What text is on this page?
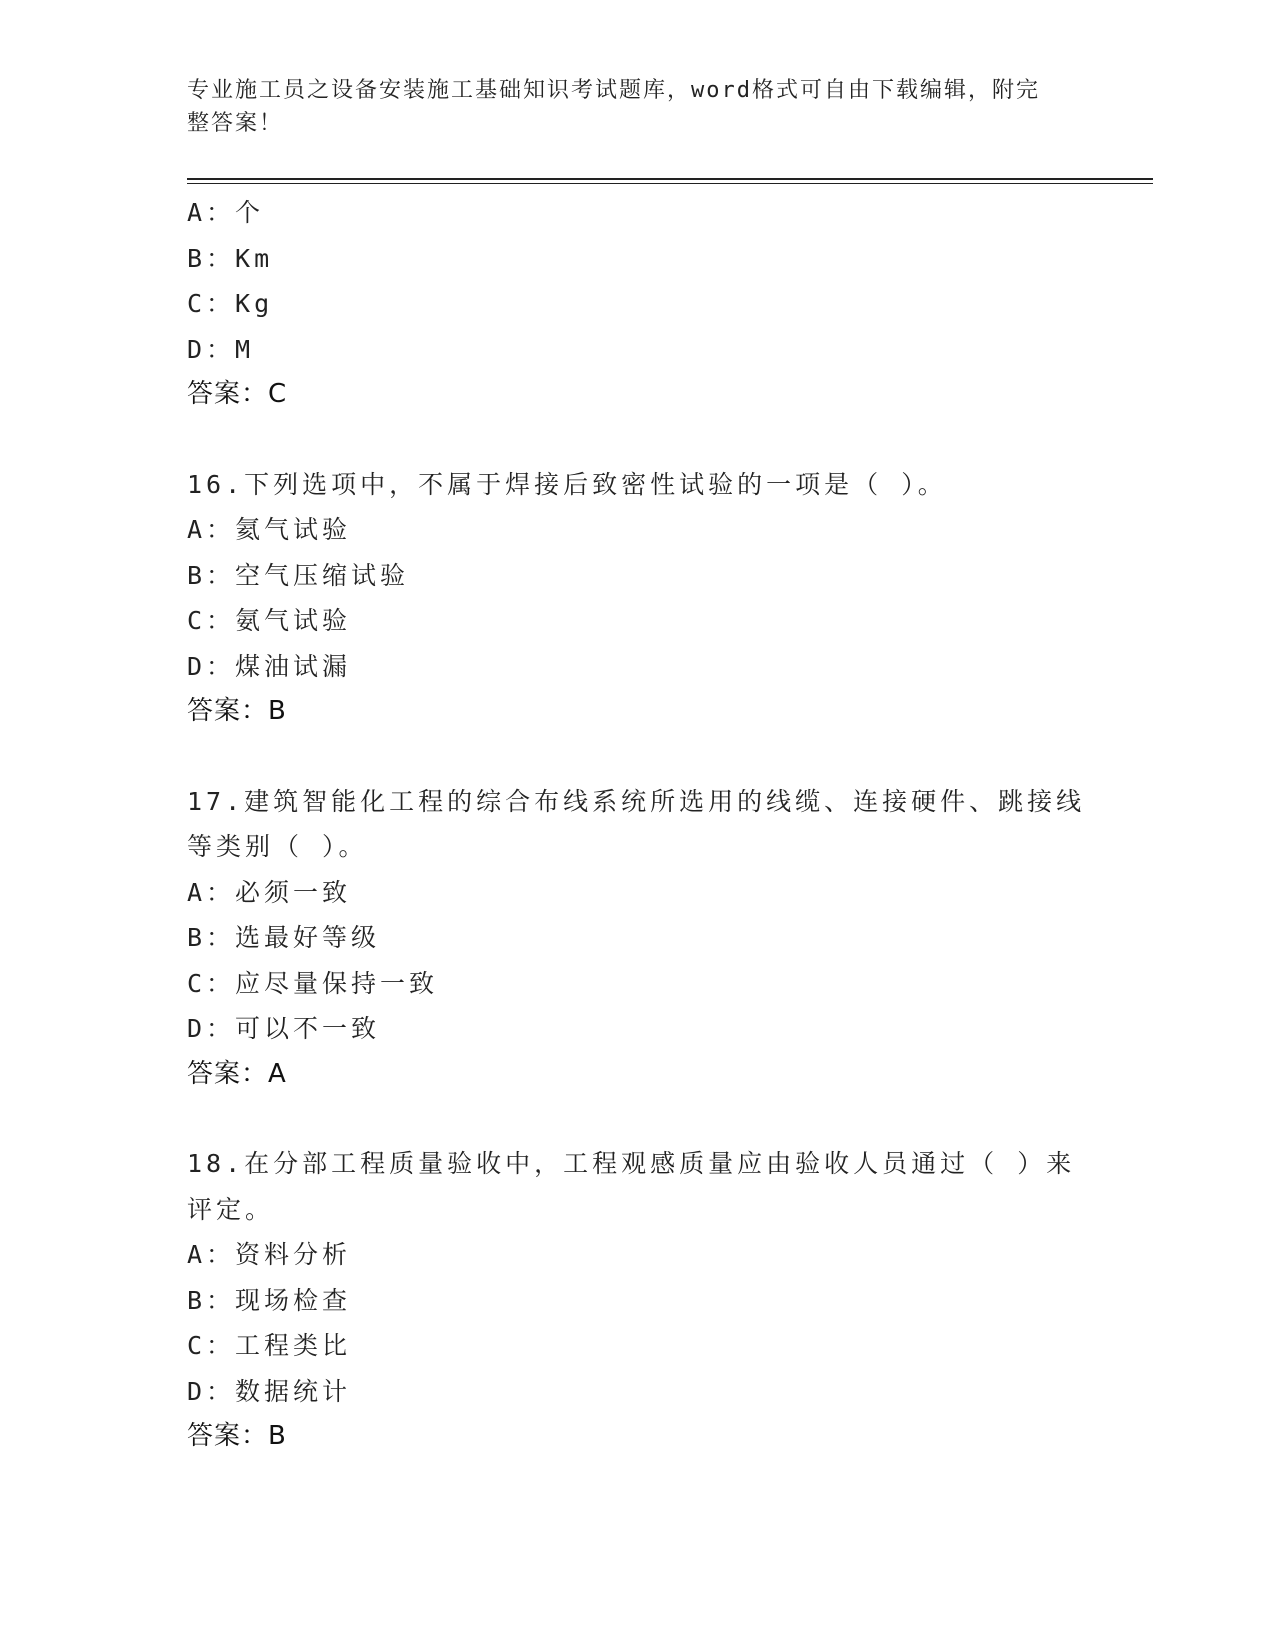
专业施工员之设备安装施工基础知识考试题库，word格式可自由下载编辑，附完
整答案！
A：个
B：Km
C：Kg
D：M
答案：C
16.下列选项中，不属于焊接后致密性试验的一项是（ ）。
A：氦气试验
B：空气压缩试验
C：氨气试验
D：煤油试漏
答案：B
17.建筑智能化工程的综合布线系统所选用的线缆、连接硬件、跳接线
等类别（ ）。
A：必须一致
B：选最好等级
C：应尽量保持一致
D：可以不一致
答案：A
18.在分部工程质量验收中，工程观感质量应由验收人员通过（ ）来
评定。
A：资料分析
B：现场检查
C：工程类比
D：数据统计
答案：B
